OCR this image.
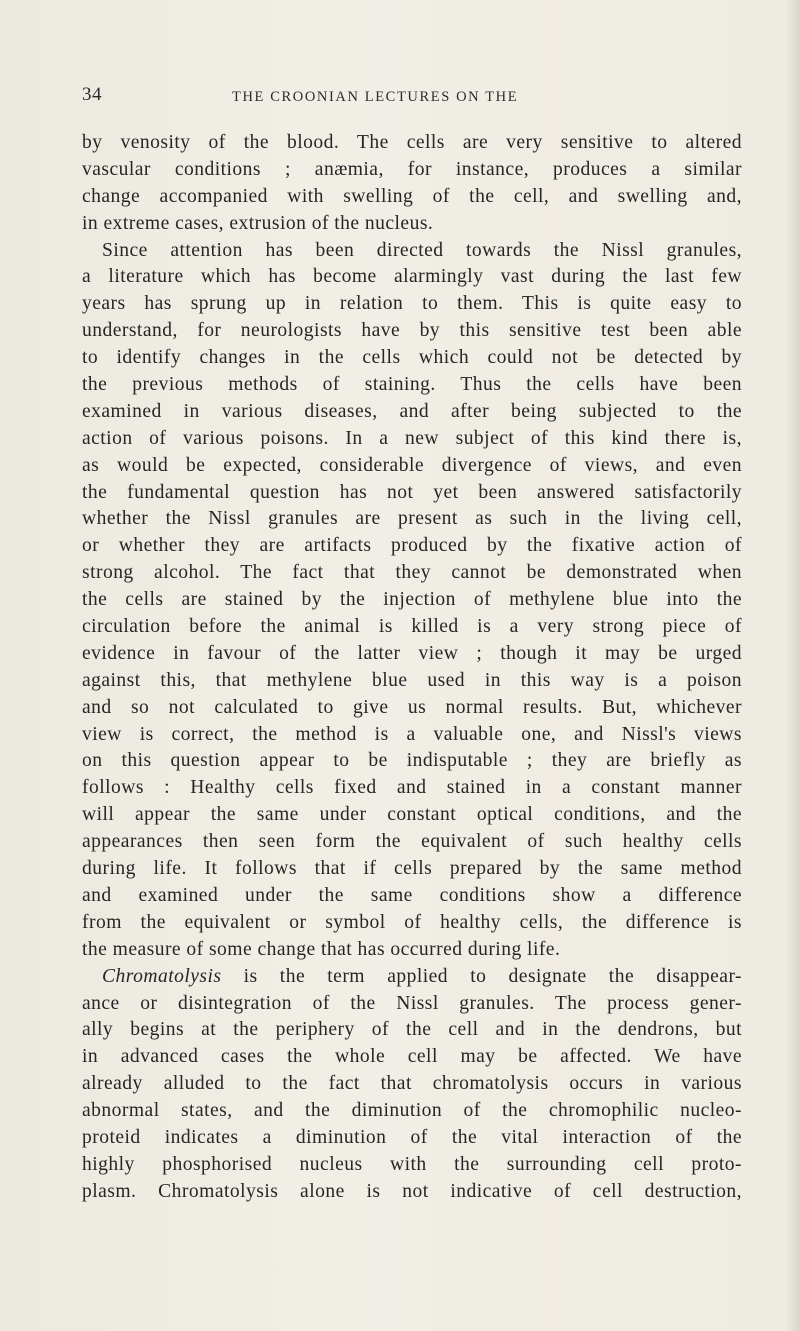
34	THE CROONIAN LECTURES ON THE
by venosity of the blood. The cells are very sensitive to altered
vascular conditions ; anæmia, for instance, produces a similar
change accompanied with swelling of the cell, and swelling and,
in extreme cases, extrusion of the nucleus.
Since attention has been directed towards the Nissl granules,
a literature which has become alarmingly vast during the last few
years has sprung up in relation to them. This is quite easy to
understand, for neurologists have by this sensitive test been able
to identify changes in the cells which could not be detected by
the previous methods of staining. Thus the cells have been
examined in various diseases, and after being subjected to the
action of various poisons. In a new subject of this kind there is,
as would be expected, considerable divergence of views, and even
the fundamental question has not yet been answered satisfactorily
whether the Nissl granules are present as such in the living cell,
or whether they are artifacts produced by the fixative action of
strong alcohol. The fact that they cannot be demonstrated when
the cells are stained by the injection of methylene blue into the
circulation before the animal is killed is a very strong piece of
evidence in favour of the latter view ; though it may be urged
against this, that methylene blue used in this way is a poison
and so not calculated to give us normal results. But, whichever
view is correct, the method is a valuable one, and Nissl's views
on this question appear to be indisputable ; they are briefly as
follows : Healthy cells fixed and stained in a constant manner
will appear the same under constant optical conditions, and the
appearances then seen form the equivalent of such healthy cells
during life. It follows that if cells prepared by the same method
and examined under the same conditions show a difference
from the equivalent or symbol of healthy cells, the difference is
the measure of some change that has occurred during life.
Chromatolysis is the term applied to designate the disappear-
ance or disintegration of the Nissl granules. The process gener-
ally begins at the periphery of the cell and in the dendrons, but
in advanced cases the whole cell may be affected. We have
already alluded to the fact that chromatolysis occurs in various
abnormal states, and the diminution of the chromophilic nucleo-
proteid indicates a diminution of the vital interaction of the
highly phosphorised nucleus with the surrounding cell proto-
plasm. Chromatolysis alone is not indicative of cell destruction,
